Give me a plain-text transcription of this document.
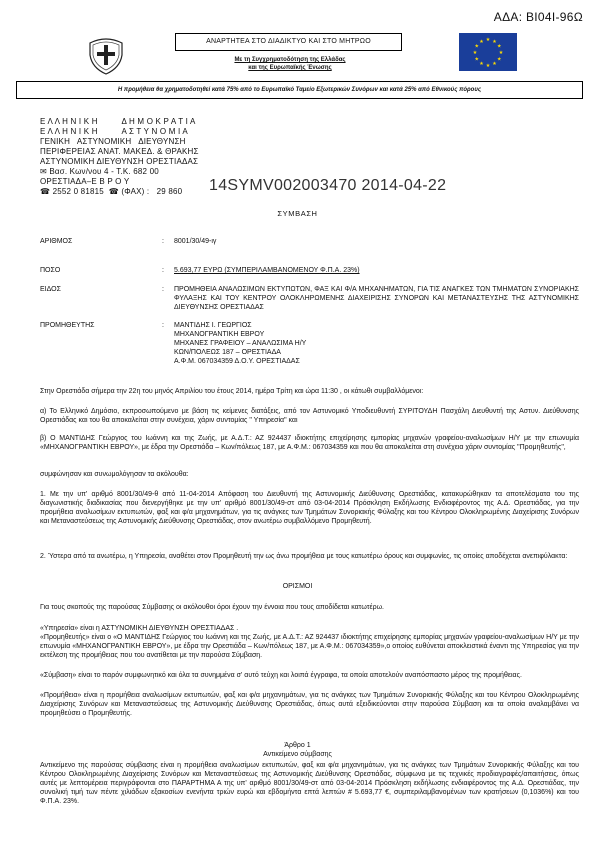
ΑΔΑ: ΒΙ04Ι-96Ω
ΑΝΑΡΤΗΤΕΑ ΣΤΟ ΔΙΑΔΙΚΤΥΟ ΚΑΙ ΣΤΟ ΜΗΤΡΩΟ
Με τη Συγχρηματοδότηση της Ελλάδας
και της Ευρωπαϊκής Ένωσης
★ ★
★
★
★
★
★
★
★
★
★
★
Η προμήθεια θα χρηματοδοτηθεί κατά 75% από το Ευρωπαϊκό Ταμείο Εξωτερικών Συνόρων και κατά 25% από Εθνικούς πόρους
Ε Λ Λ Η Ν Ι Κ Η          Δ Η Μ Ο Κ Ρ Α Τ Ι Α
Ε Λ Λ Η Ν Ι Κ Η          Α Σ Τ Υ Ν Ο Μ Ι Α
ΓΕΝΙΚΗ   ΑΣΤΥΝΟΜΙΚΗ   ΔΙΕΥΘΥΝΣΗ
ΠΕΡΙΦΕΡΕΙΑΣ ΑΝΑΤ. ΜΑΚΕΔ. & ΘΡΑΚΗΣ
ΑΣΤΥΝΟΜΙΚΗ ΔΙΕΥΘΥΝΣΗ ΟΡΕΣΤΙΑΔΑΣ
✉ Βασ. Κων/νου 4 - Τ.Κ. 682 00
ΟΡΕΣΤΙΑΔΑ–Ε Β Ρ Ο Υ
☎ 2552 0 81815  ☎ (ΦΑΧ) :   29 860	14SYMV002003470 2014-04-22
ΣΥΜΒΑΣΗ
ΑΡΙΘΜΟΣ	: 8001/30/49-ιγ
ΠΟΣΟ	: 5.693,77 ΕΥΡΩ (ΣΥΜΠΕΡΙΛΑΜΒΑΝΟΜΕΝΟΥ Φ.Π.Α. 23%)
ΕΙΔΟΣ	: ΠΡΟΜΗΘΕΙΑ ΑΝΑΛΩΣΙΜΩΝ ΕΚΤΥΠΩΤΩΝ, ΦΑΞ ΚΑΙ Φ/Α ΜΗΧΑΝΗΜΑΤΩΝ, ΓΙΑ ΤΙΣ ΑΝΑΓΚΕΣ ΤΩΝ ΤΜΗΜΑΤΩΝ ΣΥΝΟΡΙΑΚΗΣ ΦΥΛΑΞΗΣ ΚΑΙ ΤΟΥ ΚΕΝΤΡΟΥ ΟΛΟΚΛΗΡΩΜΕΝΗΣ ΔΙΑΧΕΙΡΙΣΗΣ ΣΥΝΟΡΩΝ ΚΑΙ ΜΕΤΑΝΑΣΤΕΥΣΗΣ ΤΗΣ ΑΣΤΥΝΟΜΙΚΗΣ ΔΙΕΥΘΥΝΣΗΣ ΟΡΕΣΤΙΑΔΑΣ
ΠΡΟΜΗΘΕΥΤΗΣ	: ΜΑΝΤΙΔΗΣ Ι. ΓΕΩΡΓΙΟΣ
ΜΗΧΑΝΟΓΡΑΝΤΙΚΗ ΕΒΡΟΥ
ΜΗΧΑΝΕΣ ΓΡΑΦΕΙΟΥ – ΑΝΑΛΩΣΙΜΑ Η/Υ
ΚΩΝ/ΠΟΛΕΩΣ 187 – ΟΡΕΣΤΙΑΔΑ
Α.Φ.Μ. 067034359 Δ.Ο.Υ. ΟΡΕΣΤΙΑΔΑΣ
Στην Ορεστιάδα σήμερα την 22η του μηνός Απριλίου του έτους 2014, ημέρα Τρίτη και ώρα 11:30 , οι κάτωθι συμβαλλόμενοι:
α) Το Ελληνικό Δημόσιο, εκπροσωπούμενο με βάση τις κείμενες διατάξεις, από τον Αστυνομικό Υποδιευθυντή ΣΥΡΙΤΟΥΔΗ Πασχάλη Διευθυντή της Αστυν. Διεύθυνσης Ορεστιάδας και του θα αποκαλείται στην συνέχεια, χάριν συντομίας " Υπηρεσία" και
β) Ο ΜΑΝΤΙΔΗΣ Γεώργιος του Ιωάννη και της Ζωής, με Α.Δ.Τ.: ΑΖ 924437 ιδιοκτήτης επιχείρησης εμπορίας μηχανών γραφείου-αναλωσίμων Η/Υ με την επωνυμία «ΜΗΧΑΝΟΓΡΑΝΤΙΚΗ ΕΒΡΟΥ», με έδρα την Ορεστιάδα – Κων/πόλεως 187, με Α.Φ.Μ.: 067034359 και που θα αποκαλείται στη συνέχεια χάριν συντομίας "Προμηθευτής",
συμφώνησαν και συνωμολόγησαν τα ακόλουθα:
1. Με την υπ' αριθμό 8001/30/49-θ από 11-04-2014 Απόφαση του Διευθυντή της Αστυνομικής Διεύθυνσης Ορεστιάδας, κατακυρώθηκαν τα αποτελέσματα του της διαγωνιστικής διαδικασίας που διενεργήθηκε με την υπ' αριθμό 8001/30/49-στ από 03-04-2014 Πρόσκληση Εκδήλωσης Ενδιαφέροντος της Α.Δ. Ορεστιάδας, για την προμήθεια αναλωσίμων εκτυπωτών, φαξ και φ/α μηχανημάτων, για τις ανάγκες των Τμημάτων Συνοριακής Φύλαξης και του Κέντρου Ολοκληρωμένης Διαχείρισης Συνόρων και Μεταναστεύσεως της Αστυνομικής Διεύθυνσης Ορεστιάδας, στον ανωτέρω συμβαλλόμενο Προμηθευτή.
2. Ύστερα από τα ανωτέρω, η Υπηρεσία, αναθέτει στον Προμηθευτή την ως άνω προμήθεια με τους κατωτέρω όρους και συμφωνίες, τις οποίες αποδέχεται ανεπιφύλακτα:
ΟΡΙΣΜΟΙ
Για τους σκοπούς της παρούσας Σύμβασης οι ακόλουθοι όροι έχουν την έννοια που τους αποδίδεται κατωτέρω.
«Υπηρεσία» είναι η ΑΣΤΥΝΟΜΙΚΗ ΔΙΕΥΘΥΝΣΗ ΟΡΕΣΤΙΑΔΑΣ .
«Προμηθευτής» είναι ο «Ο ΜΑΝΤΙΔΗΣ Γεώργιος του Ιωάννη και της Ζωής, με Α.Δ.Τ.: ΑΖ 924437 ιδιοκτήτης επιχείρησης εμπορίας μηχανών γραφείου-αναλωσίμων Η/Υ με την επωνυμία «ΜΗΧΑΝΟΓΡΑΝΤΙΚΗ ΕΒΡΟΥ», με έδρα την Ορεστιάδα – Κων/πόλεως 187, με Α.Φ.Μ.: 067034359»,ο οποίος ευθύνεται αποκλειστικά έναντι της Υπηρεσίας για την εκτέλεση της προμήθειας που του ανατίθεται με την παρούσα Σύμβαση.
«Σύμβαση» είναι το παρόν συμφωνητικό και όλα τα συνημμένα σ' αυτό τεύχη και λοιπά έγγραφα, τα οποία αποτελούν αναπόσπαστο μέρος της προμήθειας.
«Προμήθεια» είναι η προμήθεια αναλωσίμων εκτυπωτών, φαξ και φ/α μηχανημάτων, για τις ανάγκες των Τμημάτων Συνοριακής Φύλαξης και του Κέντρου Ολοκληρωμένης Διαχείρισης Συνόρων και Μεταναστεύσεως της Αστυνομικής Διεύθυνσης Ορεστιάδας, όπως αυτά εξειδικεύονται στην παρούσα Σύμβαση και τα οποία αναλαμβάνει να προμηθεύσει ο Προμηθευτής.
Άρθρο 1
Αντικείμενο σύμβασης
Αντικείμενο της παρούσας σύμβασης είναι η προμήθεια αναλωσίμων εκτυπωτών, φαξ και φ/α μηχανημάτων, για τις ανάγκες των Τμημάτων Συνοριακής Φύλαξης και του Κέντρου Ολοκληρωμένης Διαχείρισης Συνόρων και Μεταναστεύσεως της Αστυνομικής Διεύθυνσης Ορεστιάδας, σύμφωνα με τις τεχνικές προδιαγραφές/απαιτήσεις, όπως αυτές με λεπτομέρεια περιγράφονται στο ΠΑΡΑΡΤΗΜΑ Α της υπ' αριθμό 8001/30/49-στ από 03-04-2014 Πρόσκληση εκδήλωσης ενδιαφέροντος της Α.Δ. Ορεστιάδας, την συνολική τιμή των πέντε χιλιάδων εξακοσίων ενενήντα τριών ευρώ και εβδομήντα επτά λεπτών # 5.693,77 €, συμπεριλαμβανομένων των κρατήσεων (0,1036%) και του Φ.Π.Α. 23%.
